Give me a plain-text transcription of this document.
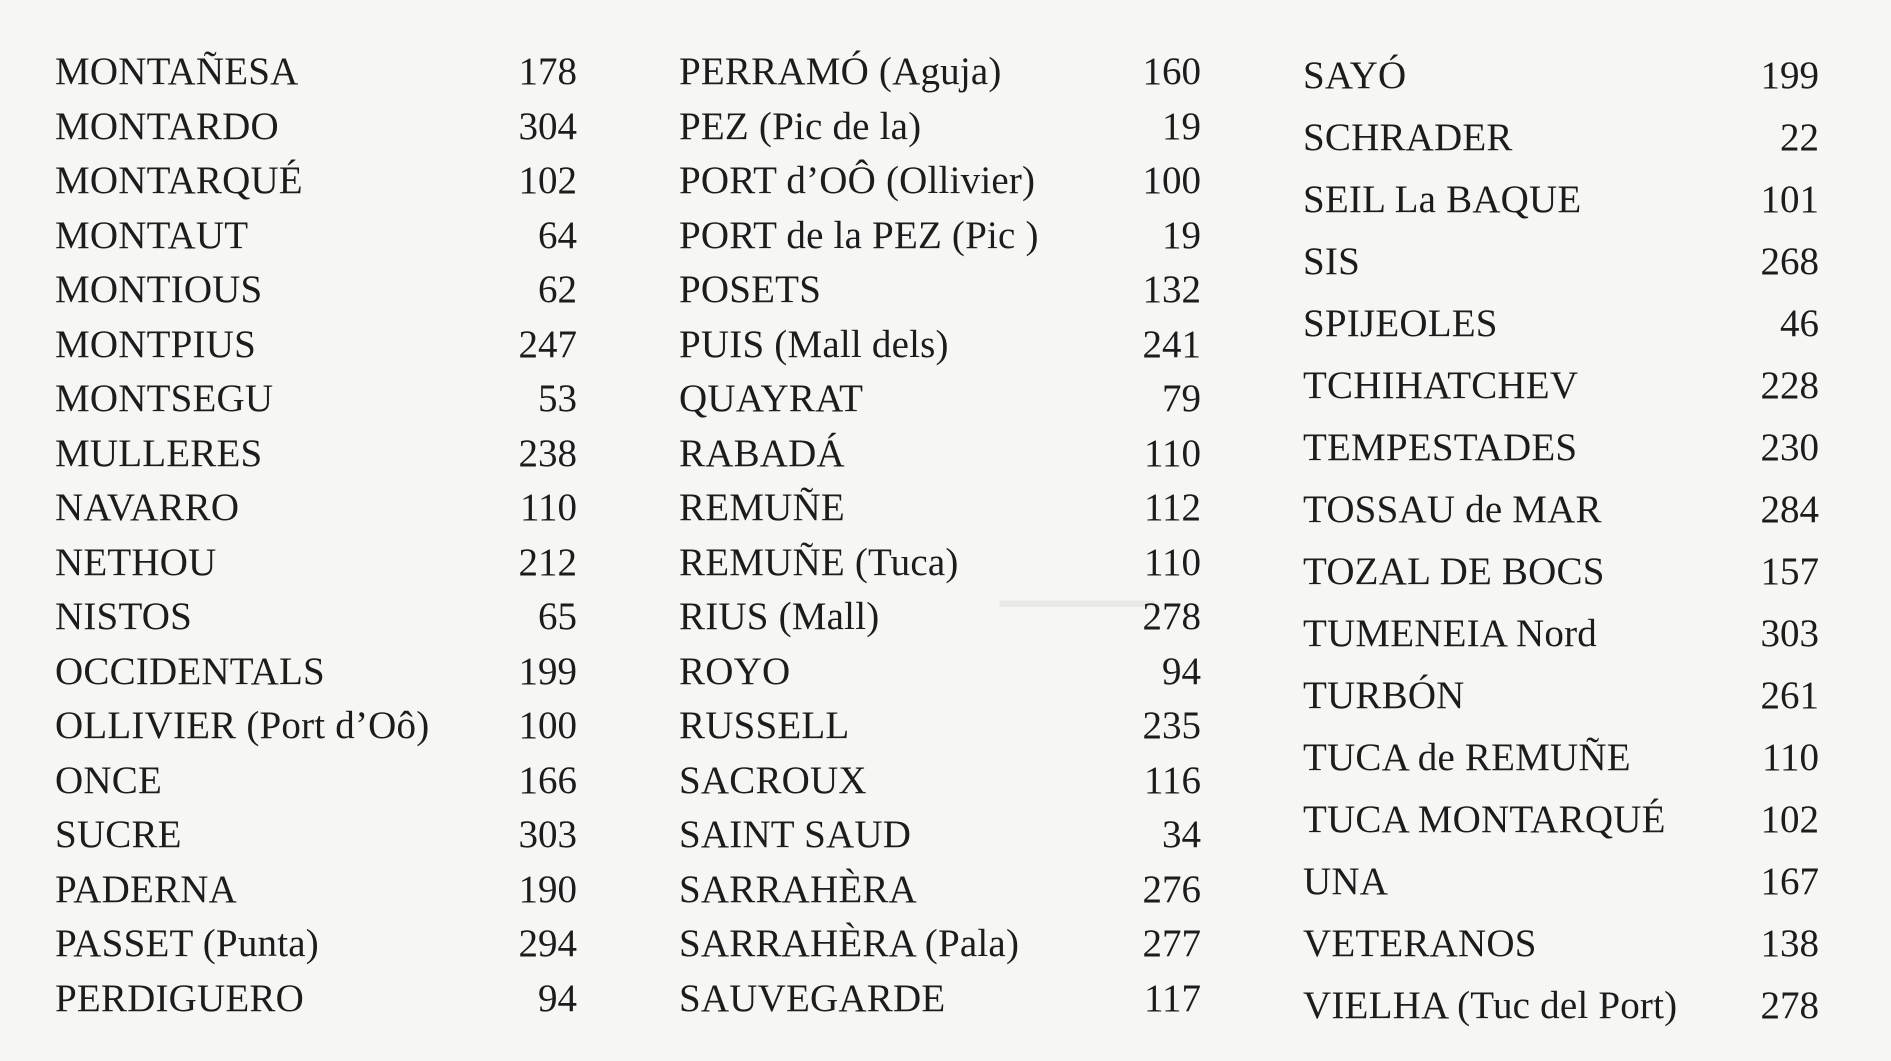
▁▁▁▁▁
MONTAÑESA	178
MONTARDO	304
MONTARQUÉ	102
MONTAUT	64
MONTIOUS	62
MONTPIUS	247
MONTSEGU	53
MULLERES	238
NAVARRO	110
NETHOU	212
NISTOS	65
OCCIDENTALS	199
OLLIVIER (Port d’Oô) 100
ONCE	166
SUCRE	303
PADERNA	190
PASSET (Punta)	294
PERDIGUERO	94
PERRAMÓ (Aguja)	160
PEZ (Pic de la)	19
PORT d’OÔ (Ollivier)	100
PORT de la PEZ (Pic )	19
POSETS	132
PUIS (Mall dels)	241
QUAYRAT	79
RABADÁ	110
REMUÑE	112
REMUÑE (Tuca)	110
RIUS (Mall)	278
ROYO	94
RUSSELL	235
SACROUX	116
SAINT SAUD	34
SARRAHÈRA	276
SARRAHÈRA (Pala)	277
SAUVEGARDE	117
SAYÓ	199
SCHRADER	22
SEIL La BAQUE	101
SIS	268
SPIJEOLES	46
TCHIHATCHEV	228
TEMPESTADES	230
TOSSAU de MAR	284
TOZAL DE BOCS	157
TUMENEIA Nord	303
TURBÓN	261
TUCA de REMUÑE	110
TUCA MONTARQUÉ 102
UNA	167
VETERANOS	138
VIELHA (Tuc del Port) 278
